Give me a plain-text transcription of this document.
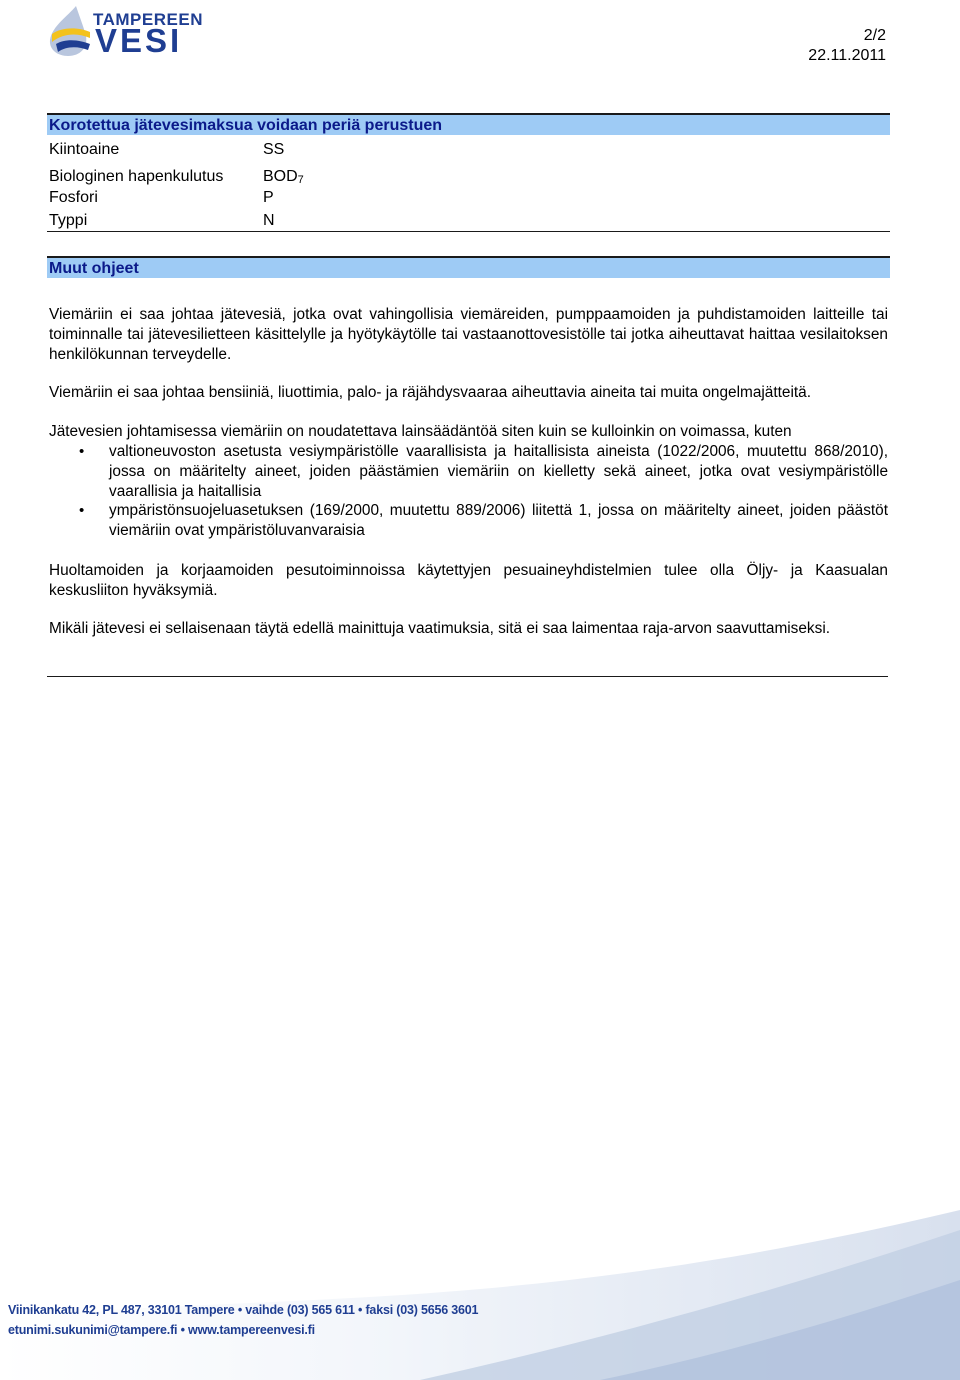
TAMPEREEN
VESI	2/2
22.11.2011
Korotettua jätevesimaksua voidaan periä perustuen
Kiintoaine	SS
Biologinen hapenkulutus $BOD_7$
Fosfori	P
Typpi	N
Muut ohjeet

Viemäriin ei saa johtaa jätevesiä, jotka ovat vahingollisia viemäreiden, pumppaamoiden ja puhdistamoiden laitteille tai toiminnalle tai jätevesilietteen käsittelylle ja hyötykäytölle tai vastaanottovesistölle tai jotka aiheuttavat haittaa vesilaitoksen henkilökunnan terveydelle.

Viemäriin ei saa johtaa bensiiniä, liuottimia, palo- ja räjähdysvaaraa aiheuttavia aineita tai muita ongelmajätteitä.

Jätevesien johtamisessa viemäriin on noudatettava lainsäädäntöä siten kuin se kulloinkin on voimassa, kuten

• valtioneuvoston asetusta vesiympäristölle vaarallisista ja haitallisista aineista (1022/2006, muutettu 868/2010), jossa on määritelty aineet, joiden päästämien viemäriin on kielletty sekä aineet, jotka ovat vesiympäristölle vaarallisia ja haitallisia
• ympäristönsuojeluasetuksen (169/2000, muutettu 889/2006) liitettä 1, jossa on määritelty aineet, joiden päästöt viemäriin ovat ympäristöluvanvaraisia

Huoltamoiden ja korjaamoiden pesutoiminnoissa käytettyjen pesuaineyhdistelmien tulee olla Öljy- ja Kaasualan keskusliiton hyväksymiä.

Mikäli jätevesi ei sellaisenaan täytä edellä mainittuja vaatimuksia, sitä ei saa laimentaa raja-arvon saavuttamiseksi.

Viinikankatu 42, PL 487, 33101 Tampere • vaihde (03) 565 611 • faksi (03) 5656 3601
etunimi.sukunimi@tampere.fi • www.tampereenvesi.fi
